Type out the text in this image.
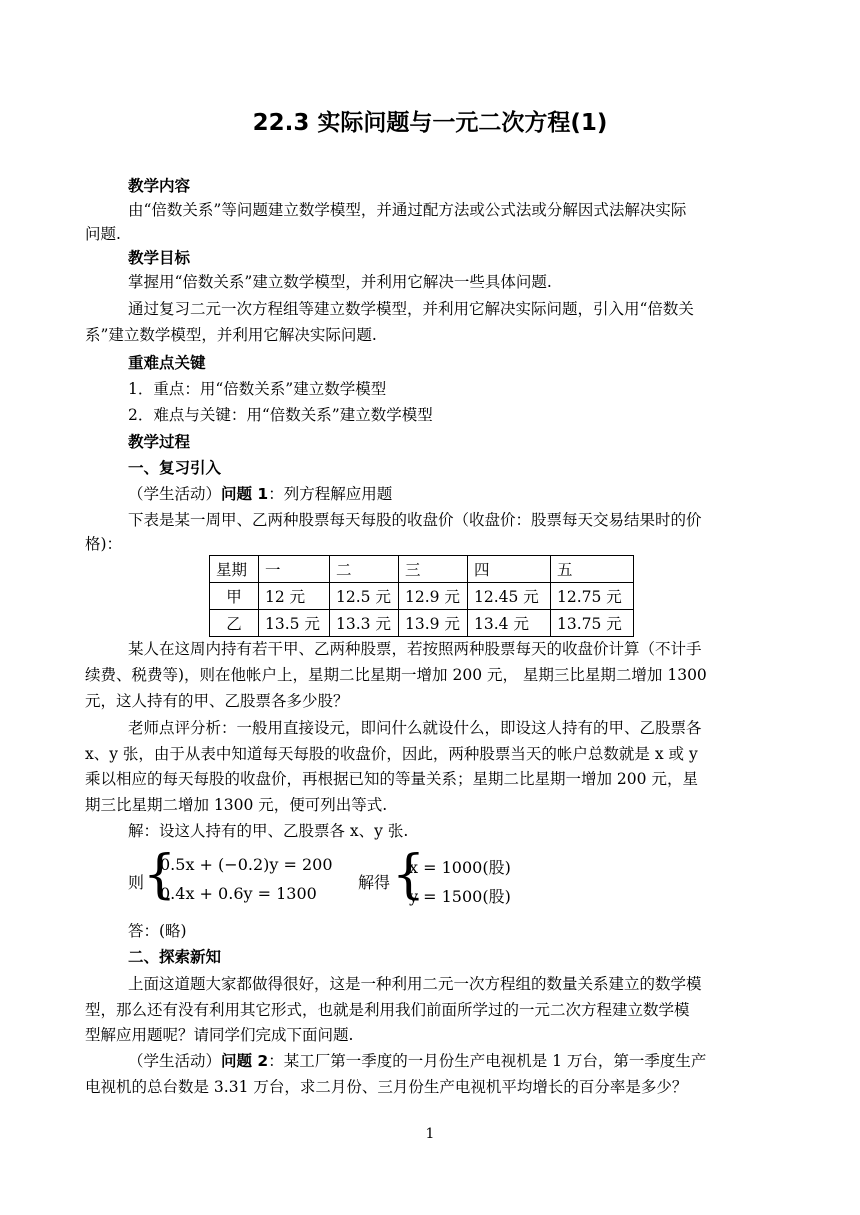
22.3 实际问题与一元二次方程(1)
教学内容
由“倍数关系”等问题建立数学模型，并通过配方法或公式法或分解因式法解决实际
问题.
教学目标
掌握用“倍数关系”建立数学模型，并利用它解决一些具体问题.
通过复习二元一次方程组等建立数学模型，并利用它解决实际问题，引入用“倍数关
系”建立数学模型，并利用它解决实际问题.
重难点关键
1．重点：用“倍数关系”建立数学模型
2．难点与关键：用“倍数关系”建立数学模型
教学过程
一、复习引入
（学生活动）问题 1：列方程解应用题
下表是某一周甲、乙两种股票每天每股的收盘价（收盘价：股票每天交易结果时的价
格)：
星期	一	二	三	四	五
甲	12 元	12.5 元	12.9 元	12.45 元	12.75 元
乙	13.5 元	13.3 元	13.9 元	13.4 元	13.75 元
某人在这周内持有若干甲、乙两种股票，若按照两种股票每天的收盘价计算（不计手
续费、税费等)，则在他帐户上，星期二比星期一增加 200 元， 星期三比星期二增加 1300
元，这人持有的甲、乙股票各多少股？
老师点评分析：一般用直接设元，即问什么就设什么，即设这人持有的甲、乙股票各
x、y 张，由于从表中知道每天每股的收盘价，因此，两种股票当天的帐户总数就是 x 或 y
乘以相应的每天每股的收盘价，再根据已知的等量关系；星期二比星期一增加 200 元，星
期三比星期二增加 1300 元，便可列出等式.
解：设这人持有的甲、乙股票各 x、y 张.
则
{
0.5x + (−0.2)y = 200
0.4x + 0.6y = 1300
解得 {
x = 1000(股)
y = 1500(股)
答：(略)
二、探索新知
上面这道题大家都做得很好，这是一种利用二元一次方程组的数量关系建立的数学模
型，那么还有没有利用其它形式，也就是利用我们前面所学过的一元二次方程建立数学模
型解应用题呢？请同学们完成下面问题.
（学生活动）问题 2：某工厂第一季度的一月份生产电视机是 1 万台，第一季度生产
电视机的总台数是 3.31 万台，求二月份、三月份生产电视机平均增长的百分率是多少？
1
